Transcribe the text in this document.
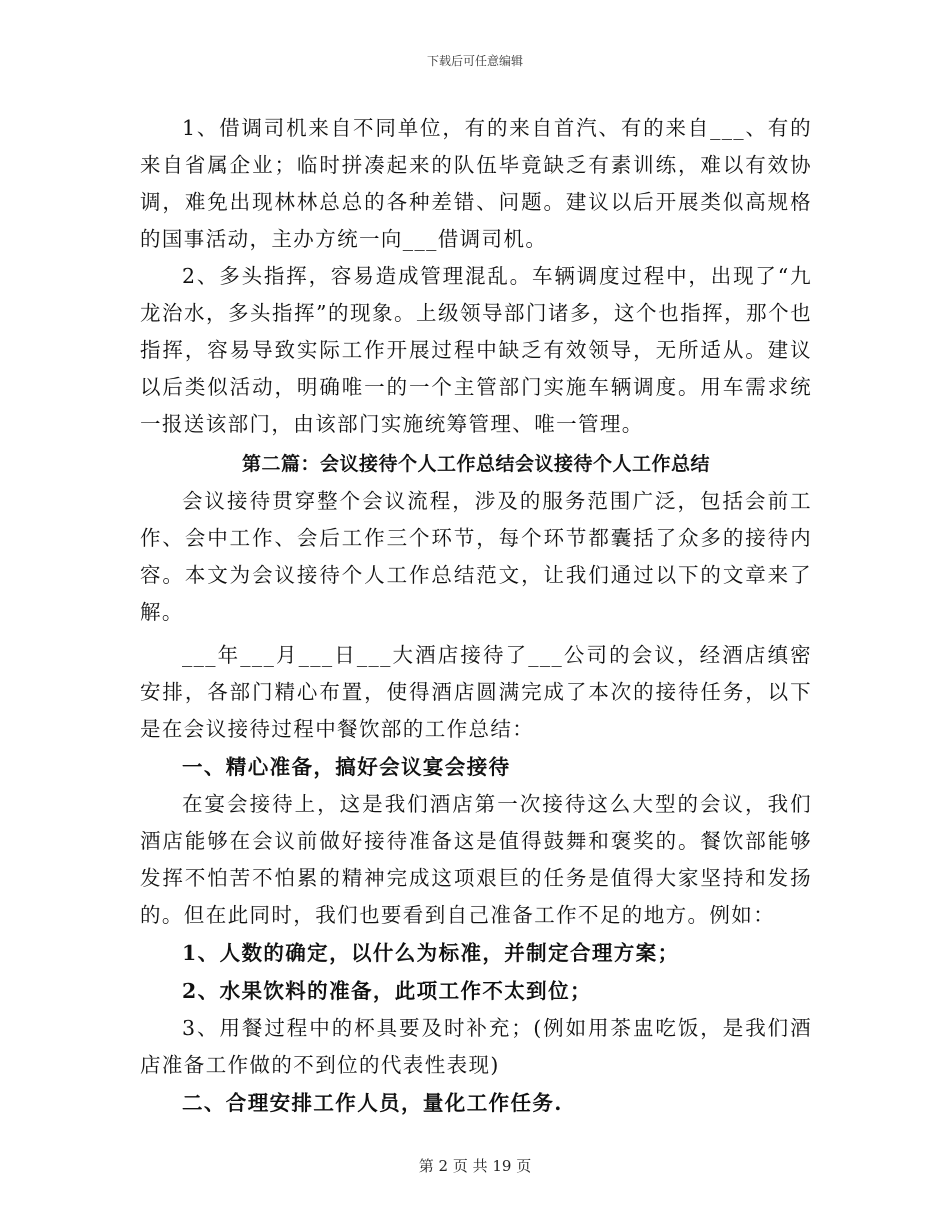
下载后可任意编辑

1、借调司机来自不同单位，有的来自首汽、有的来自___、有的来自省属企业；临时拼凑起来的队伍毕竟缺乏有素训练，难以有效协调，难免出现林林总总的各种差错、问题。建议以后开展类似高规格的国事活动，主办方统一向___借调司机。

2、多头指挥，容易造成管理混乱。车辆调度过程中，出现了“九龙治水，多头指挥”的现象。上级领导部门诸多，这个也指挥，那个也指挥，容易导致实际工作开展过程中缺乏有效领导，无所适从。建议以后类似活动，明确唯一的一个主管部门实施车辆调度。用车需求统一报送该部门，由该部门实施统筹管理、唯一管理。

第二篇：会议接待个人工作总结会议接待个人工作总结

会议接待贯穿整个会议流程，涉及的服务范围广泛，包括会前工作、会中工作、会后工作三个环节，每个环节都囊括了众多的接待内容。本文为会议接待个人工作总结范文，让我们通过以下的文章来了解。

___年___月___日___大酒店接待了___公司的会议，经酒店缜密安排，各部门精心布置，使得酒店圆满完成了本次的接待任务，以下是在会议接待过程中餐饮部的工作总结：

一、精心准备，搞好会议宴会接待

在宴会接待上，这是我们酒店第一次接待这么大型的会议，我们酒店能够在会议前做好接待准备这是值得鼓舞和褒奖的。餐饮部能够发挥不怕苦不怕累的精神完成这项艰巨的任务是值得大家坚持和发扬的。但在此同时，我们也要看到自己准备工作不足的地方。例如：

1、人数的确定，以什么为标准，并制定合理方案；

2、水果饮料的准备，此项工作不太到位；

3、用餐过程中的杯具要及时补充；(例如用茶盅吃饭，是我们酒店准备工作做的不到位的代表性表现)

二、合理安排工作人员，量化工作任务.

第 2 页 共 19 页
